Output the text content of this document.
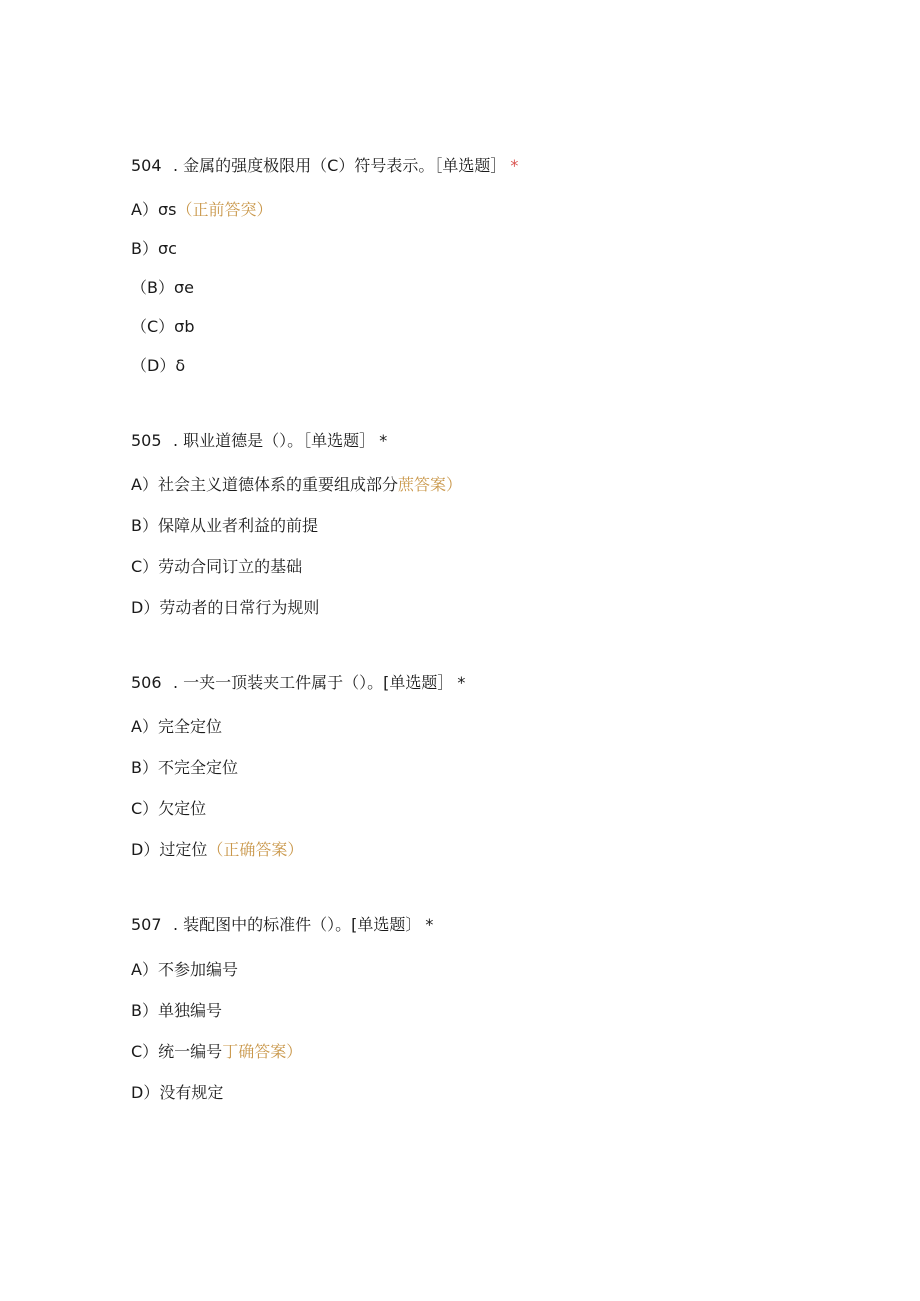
504 . 金属的强度极限用（C）符号表示。［单选题］ *
A）σs（正前答突）
B）σc
（B）σe
（C）σb
（D）δ
505 . 职业道德是（）。［单选题］ *
A）社会主义道德体系的重要组成部分蔗答案）
B）保障从业者利益的前提
C）劳动合同订立的基础
D）劳动者的日常行为规则
506 . 一夹一顶装夹工件属于（）。[单选题］ *
A）完全定位
B）不完全定位
C）欠定位
D）过定位（正确答案）
507 . 装配图中的标准件（）。[单选题〕 *
A）不参加编号
B）单独编号
C）统一编号丁确答案）
D）没有规定
